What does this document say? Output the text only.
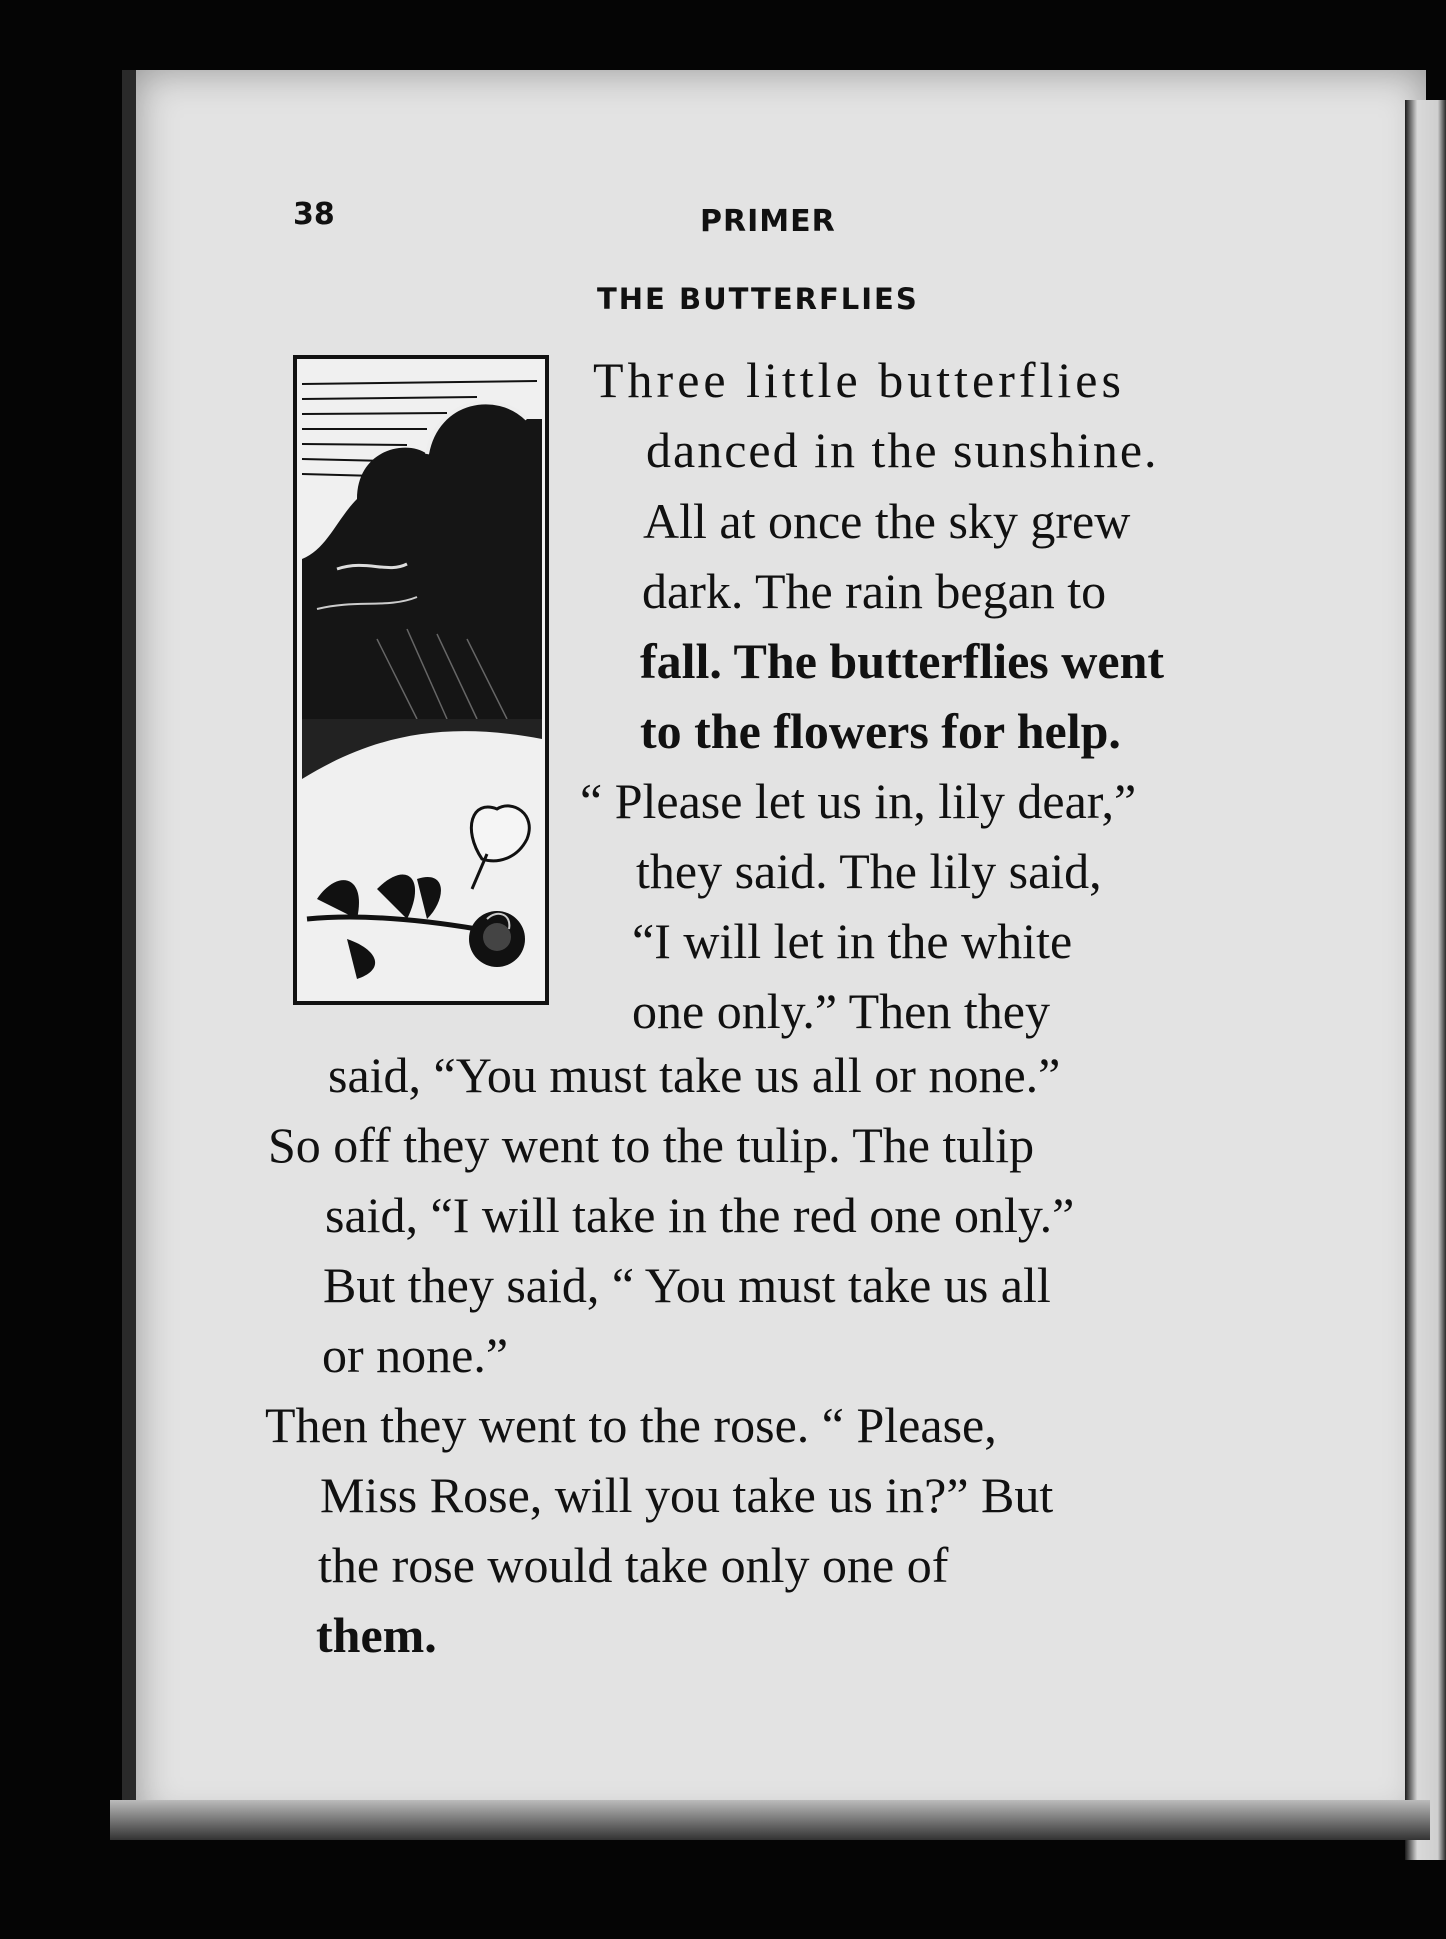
38	PRIMER
THE BUTTERFLIES
Three little butterflies
danced in the sunshine.
All at once the sky grew
dark. The rain began to
fall. The butterflies went
to the flowers for help.
“ Please let us in, lily dear,”
they said. The lily said,
“I will let in the white
one only.” Then they
said, “You must take us all or none.”
So off they went to the tulip. The tulip
said, “I will take in the red one only.”
But they said, “ You must take us all
or none.”
Then they went to the rose. “ Please,
Miss Rose, will you take us in?” But
the rose would take only one of
them.
